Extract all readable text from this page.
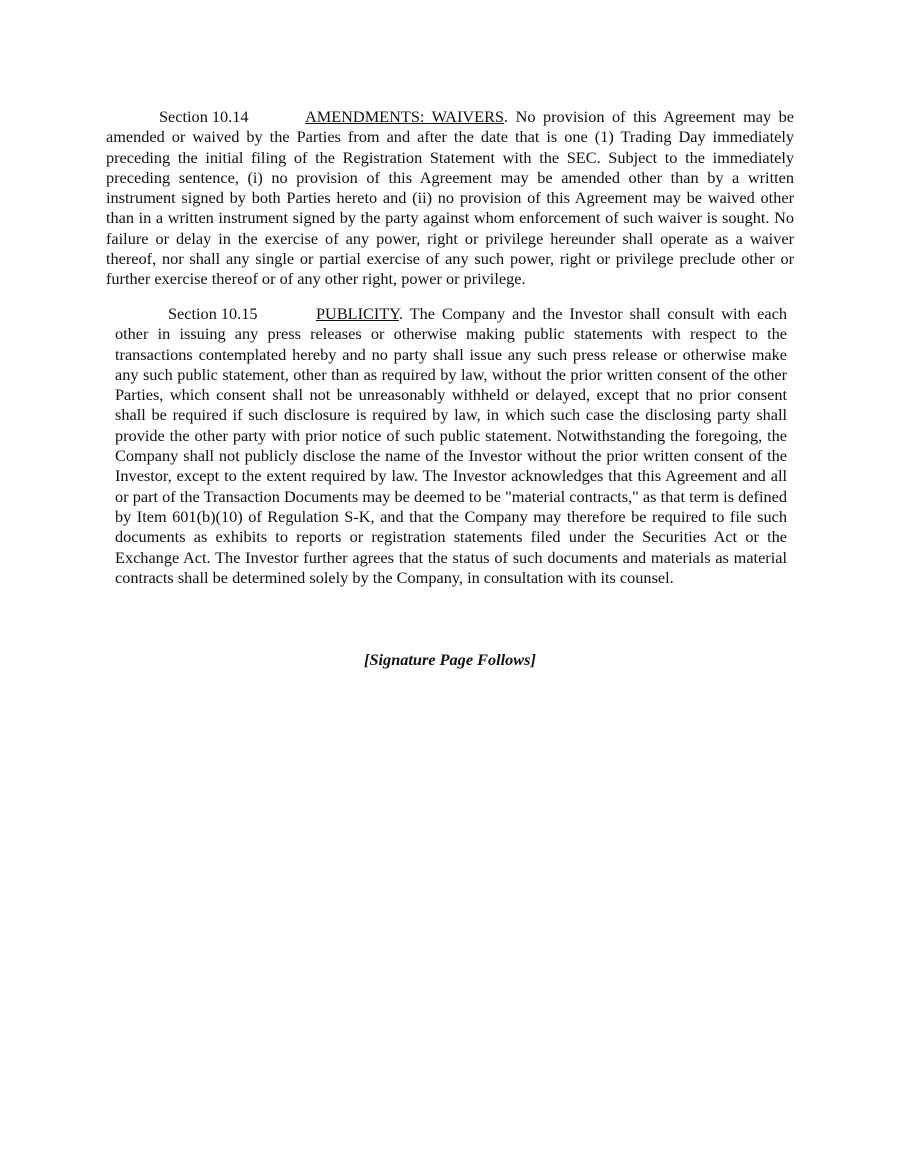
Section 10.14	AMENDMENTS: WAIVERS. No provision of this Agreement may be amended or waived by the Parties from and after the date that is one (1) Trading Day immediately preceding the initial filing of the Registration Statement with the SEC. Subject to the immediately preceding sentence, (i) no provision of this Agreement may be amended other than by a written instrument signed by both Parties hereto and (ii) no provision of this Agreement may be waived other than in a written instrument signed by the party against whom enforcement of such waiver is sought. No failure or delay in the exercise of any power, right or privilege hereunder shall operate as a waiver thereof, nor shall any single or partial exercise of any such power, right or privilege preclude other or further exercise thereof or of any other right, power or privilege.

Section 10.15	PUBLICITY. The Company and the Investor shall consult with each other in issuing any press releases or otherwise making public statements with respect to the transactions contemplated hereby and no party shall issue any such press release or otherwise make any such public statement, other than as required by law, without the prior written consent of the other Parties, which consent shall not be unreasonably withheld or delayed, except that no prior consent shall be required if such disclosure is required by law, in which such case the disclosing party shall provide the other party with prior notice of such public statement. Notwithstanding the foregoing, the Company shall not publicly disclose the name of the Investor without the prior written consent of the Investor, except to the extent required by law. The Investor acknowledges that this Agreement and all or part of the Transaction Documents may be deemed to be "material contracts," as that term is defined by Item 601(b)(10) of Regulation S-K, and that the Company may therefore be required to file such documents as exhibits to reports or registration statements filed under the Securities Act or the Exchange Act. The Investor further agrees that the status of such documents and materials as material contracts shall be determined solely by the Company, in consultation with its counsel.

[Signature Page Follows]
